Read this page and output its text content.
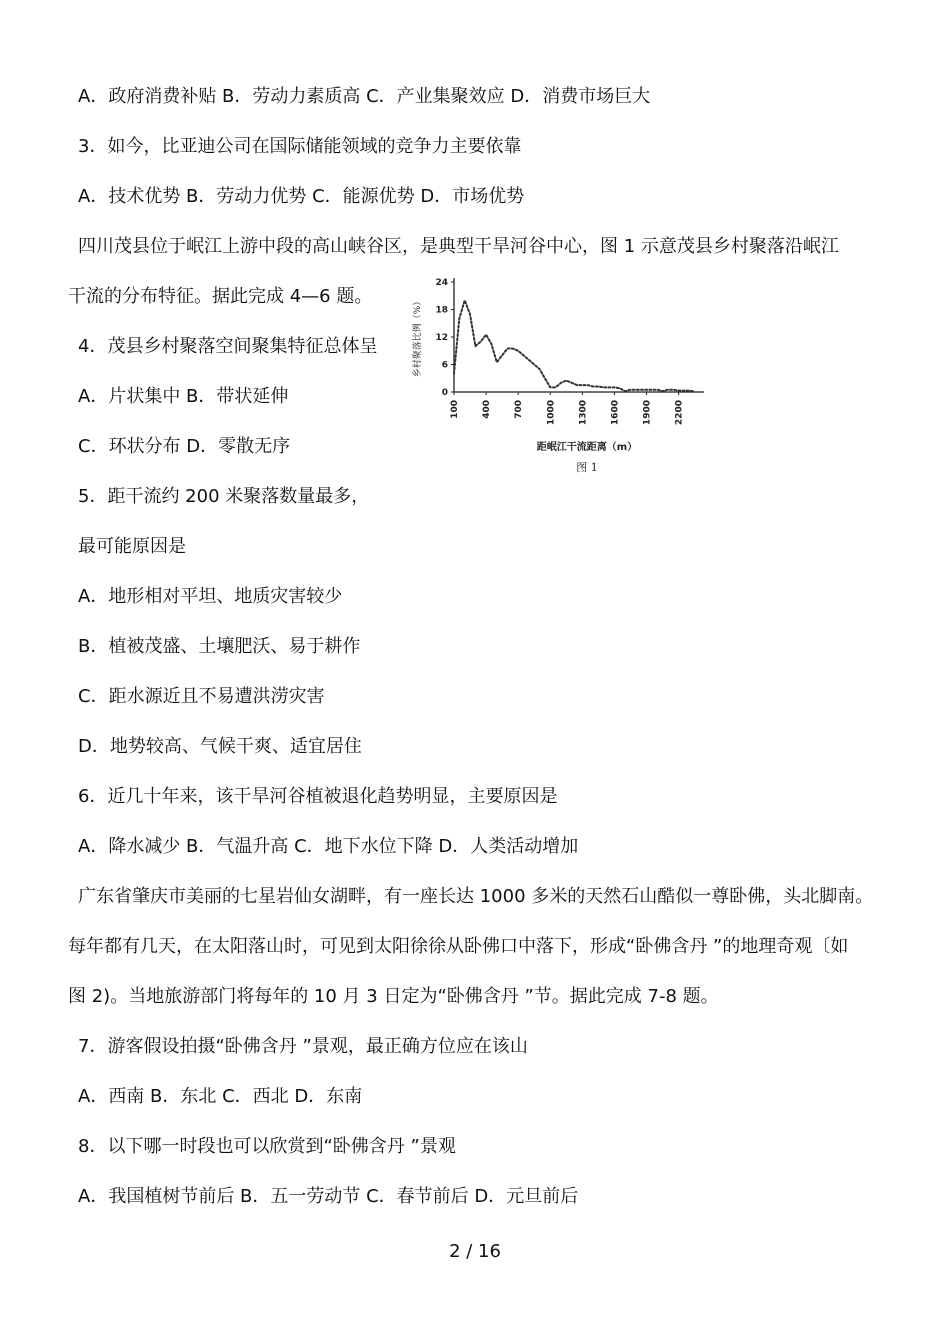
A．政府消费补贴 B．劳动力素质高 C．产业集聚效应 D．消费市场巨大
3．如今，比亚迪公司在国际储能领域的竞争力主要依靠
A．技术优势 B．劳动力优势 C．能源优势 D．市场优势
四川茂县位于岷江上游中段的高山峡谷区，是典型干旱河谷中心，图 1 示意茂县乡村聚落沿岷江
干流的分布特征。据此完成 4—6 题。
4．茂县乡村聚落空间聚集特征总体呈
A．片状集中 B．带状延伸
C．环状分布 D．零散无序
5．距干流约 200 米聚落数量最多，
最可能原因是
A．地形相对平坦、地质灾害较少
B．植被茂盛、土壤肥沃、易于耕作
C．距水源近且不易遭洪涝灾害
D．地势较高、气候干爽、适宜居住
6．近几十年来，该干旱河谷植被退化趋势明显，主要原因是
A．降水减少 B．气温升高 C．地下水位下降 D．人类活动增加
广东省肇庆市美丽的七星岩仙女湖畔，有一座长达 1000 多米的天然石山酷似一尊卧佛，头北脚南。
每年都有几天，在太阳落山时，可见到太阳徐徐从卧佛口中落下，形成“卧佛含丹 ”的地理奇观〔如
图 2)。当地旅游部门将每年的 10 月 3 日定为“卧佛含丹 ”节。据此完成 7-8 题。
7．游客假设拍摄“卧佛含丹 ”景观，最正确方位应在该山
A．西南 B．东北 C．西北 D．东南
8．以下哪一时段也可以欣赏到“卧佛含丹 ”景观
A．我国植树节前后 B．五一劳动节 C．春节前后 D．元旦前后
0
6
12
18
24
100 400 700 1000 1300 1600 1900 2200
乡村聚落比例（%）
距岷江干流距离（m）
图 1
2 / 16
